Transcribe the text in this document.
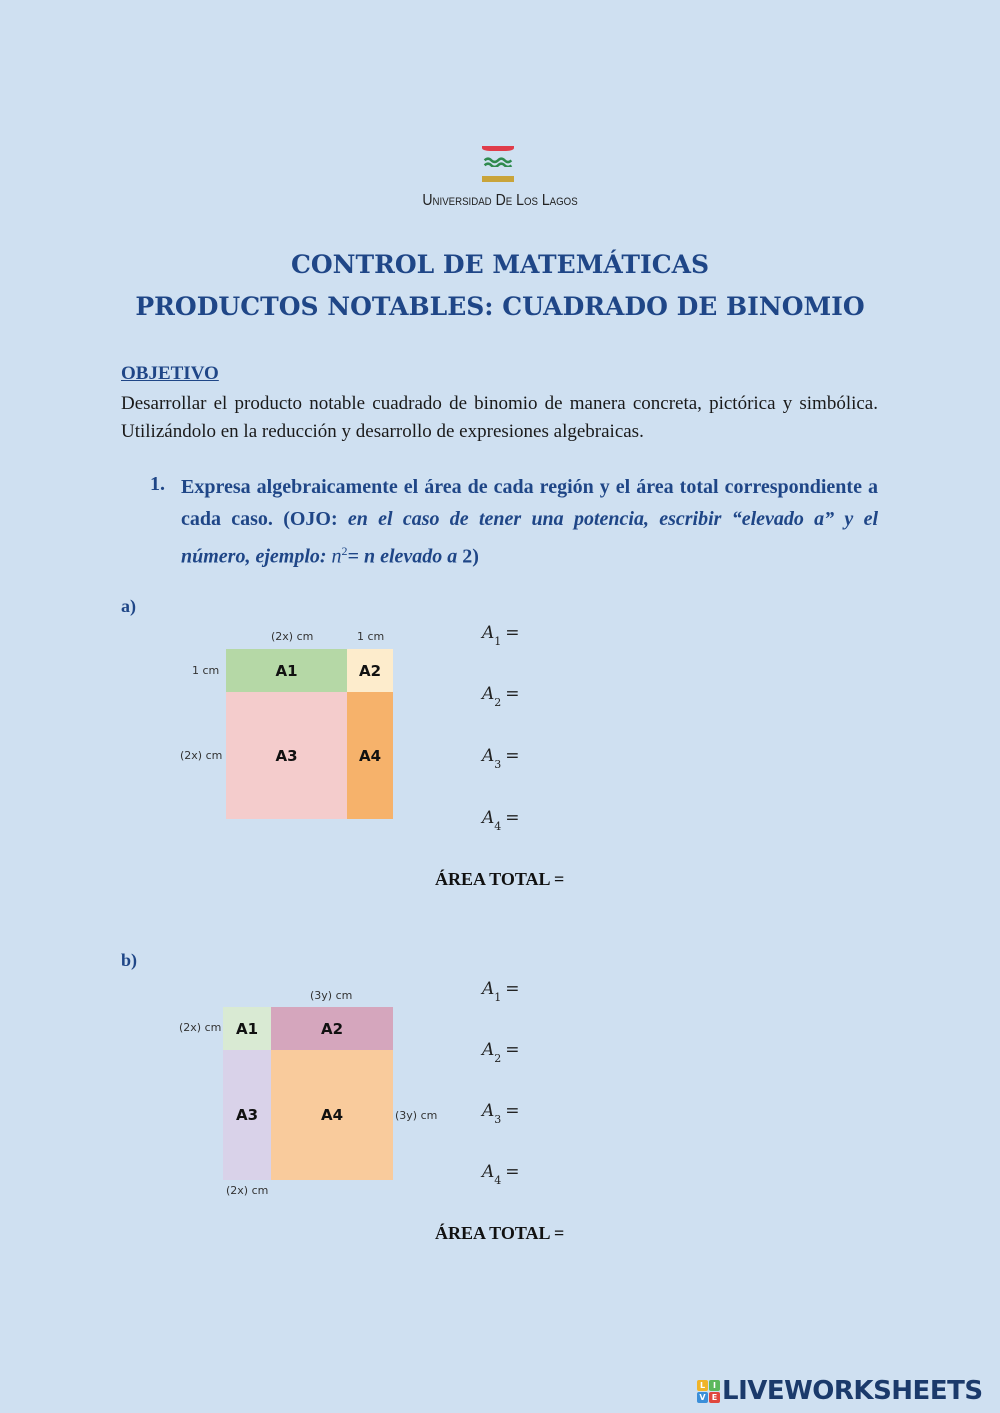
Universidad De Los Lagos
CONTROL DE MATEMÁTICAS
PRODUCTOS NOTABLES: CUADRADO DE BINOMIO
OBJETIVO
Desarrollar el producto notable cuadrado de binomio de manera concreta, pictórica y simbólica. Utilizándolo en la reducción y desarrollo de expresiones algebraicas.
1. Expresa algebraicamente el área de cada región y el área total correspondiente a cada caso. (OJO: en el caso de tener una potencia, escribir “elevado a” y el número, ejemplo: $n^2= n$ elevado a 2)
a)
(2x) cm	1 cm
1 cm
(2x) cm
A1	A2
A3	A4
$A_1$ =
$A_2$ =
$A_3$ =
$A_4$ =
ÁREA TOTAL =
b)
(3y) cm
(2x) cm
(3y) cm
(2x) cm
A1	A2
A3	A4
$A_1$ =
$A_2$ =
$A_3$ =
$A_4$ =
ÁREA TOTAL =
L I
V E LIVEWORKSHEETS
